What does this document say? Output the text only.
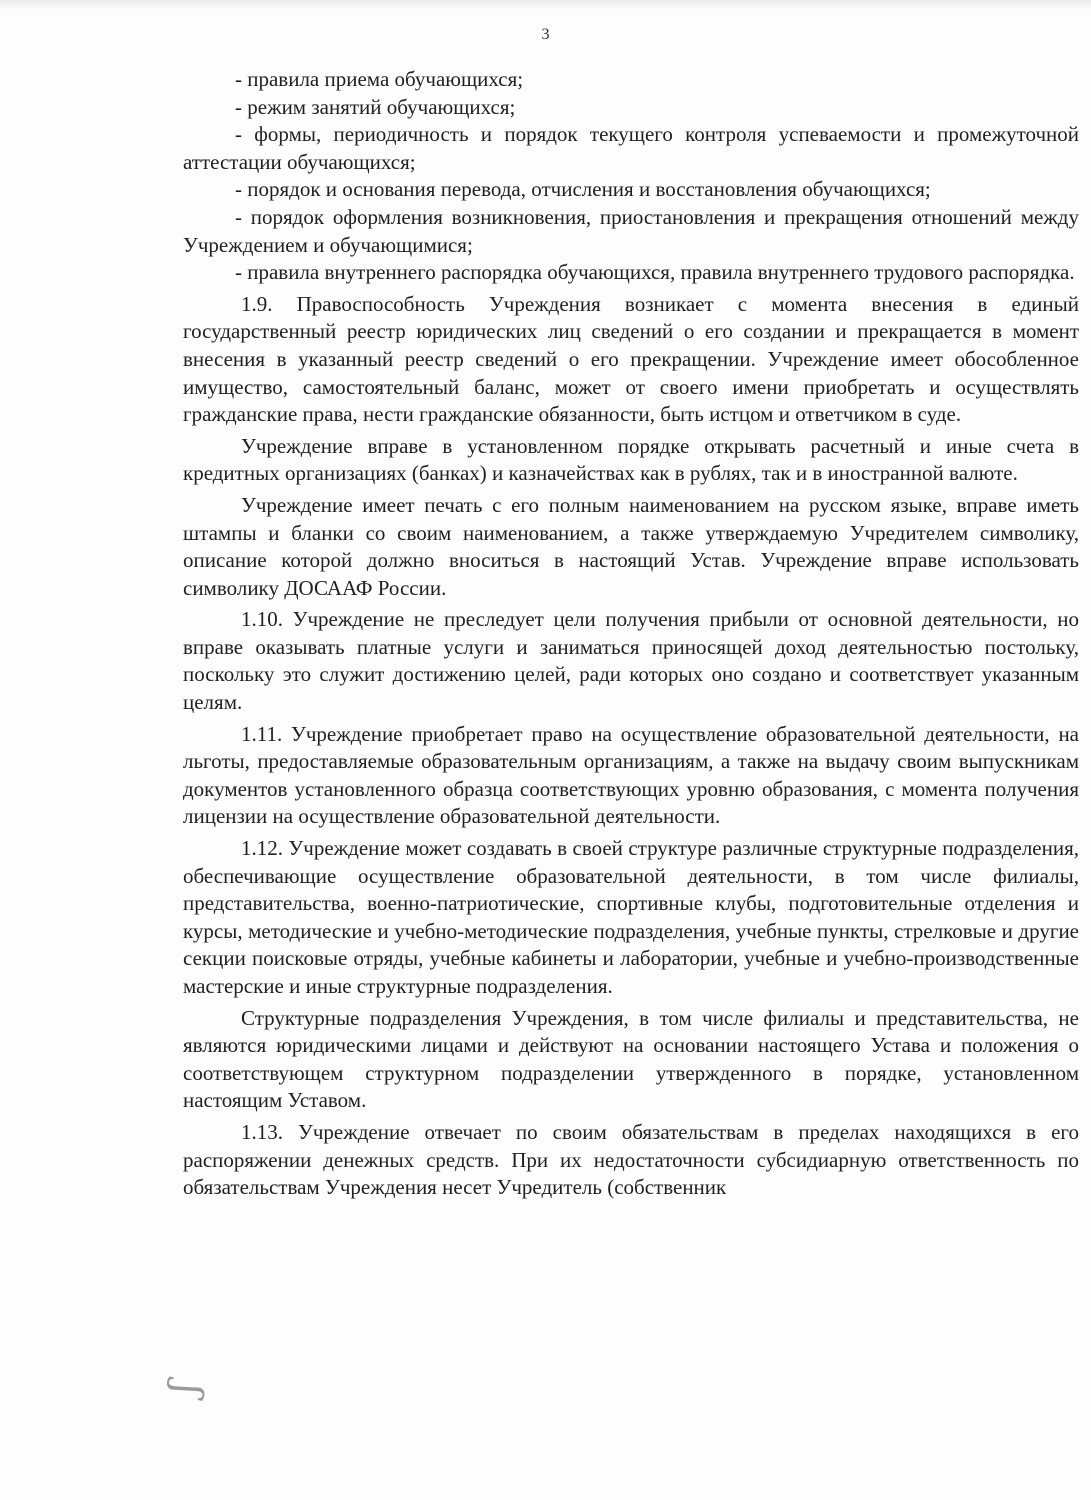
3

- правила приема обучающихся;

- режим занятий обучающихся;

- формы, периодичность и порядок текущего контроля успеваемости и промежуточной аттестации обучающихся;

- порядок и основания перевода, отчисления и восстановления обучающихся;

- порядок оформления возникновения, приостановления и прекращения отношений между Учреждением и обучающимися;

- правила внутреннего распорядка обучающихся, правила внутреннего трудового распорядка.

1.9. Правоспособность Учреждения возникает с момента внесения в единый государственный реестр юридических лиц сведений о его создании и прекращается в момент внесения в указанный реестр сведений о его прекращении. Учреждение имеет обособленное имущество, самостоятельный баланс, может от своего имени приобретать и осуществлять гражданские права, нести гражданские обязанности, быть истцом и ответчиком в суде.

Учреждение вправе в установленном порядке открывать расчетный и иные счета в кредитных организациях (банках) и казначействах как в рублях, так и в иностранной валюте.

Учреждение имеет печать с его полным наименованием на русском языке, вправе иметь штампы и бланки со своим наименованием, а также утверждаемую Учредителем символику, описание которой должно вноситься в настоящий Устав. Учреждение вправе использовать символику ДОСААФ России.

1.10. Учреждение не преследует цели получения прибыли от основной деятельности, но вправе оказывать платные услуги и заниматься приносящей доход деятельностью постольку, поскольку это служит достижению целей, ради которых оно создано и соответствует указанным целям.

1.11. Учреждение приобретает право на осуществление образовательной деятельности, на льготы, предоставляемые образовательным организациям, а также на выдачу своим выпускникам документов установленного образца соответствующих уровню образования, с момента получения лицензии на осуществление образовательной деятельности.

1.12. Учреждение может создавать в своей структуре различные структурные подразделения, обеспечивающие осуществление образовательной деятельности, в том числе филиалы, представительства, военно-патриотические, спортивные клубы, подготовительные отделения и курсы, методические и учебно-методические подразделения, учебные пункты, стрелковые и другие секции поисковые отряды, учебные кабинеты и лаборатории, учебные и учебно-производственные мастерские и иные структурные подразделения.

Структурные подразделения Учреждения, в том числе филиалы и представительства, не являются юридическими лицами и действуют на основании настоящего Устава и положения о соответствующем структурном подразделении утвержденного в порядке, установленном настоящим Уставом.

1.13. Учреждение отвечает по своим обязательствам в пределах находящихся в его распоряжении денежных средств. При их недостаточности субсидиарную ответственность по обязательствам Учреждения несет Учредитель (собственник

ʃ
